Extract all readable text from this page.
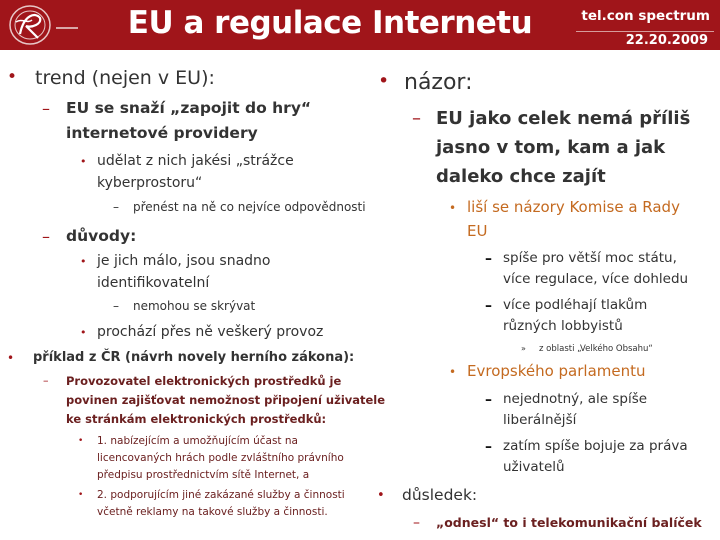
EU a regulace Internetu	tel.con spectrum
22.20.2009
• trend (nejen v EU):
– EU se snaží „zapojit do hry“
internetové providery
• udělat z nich jakési „strážce
kyberprostoru“
– přenést na ně co nejvíce odpovědnosti
– důvody:
• je jich málo, jsou snadno
identifikovatelní
– nemohou se skrývat
• prochází přes ně veškerý provoz
• příklad z ČR (návrh novely herního zákona):
– Provozovatel elektronických prostředků je
povinen zajišťovat nemožnost připojení uživatele
ke stránkám elektronických prostředků:
• 1. nabízejícím a umožňujícím účast na
licencovaných hrách podle zvláštního právního
předpisu prostřednictvím sítě Internet, a
• 2. podporujícím jiné zakázané služby a činnosti
včetně reklamy na takové služby a činnosti.
• názor:
– EU jako celek nemá příliš
jasno v tom, kam a jak
daleko chce zajít
• liší se názory Komise a Rady
EU
– spíše pro větší moc státu,
více regulace, více dohledu
– více podléhají tlakům
různých lobbyistů
» z oblasti „Velkého Obsahu“
• Evropského parlamentu
– nejednotný, ale spíše
liberálnější
– zatím spíše bojuje za práva
uživatelů
• důsledek:
– „odnesl“ to i telekomunikační balíček
